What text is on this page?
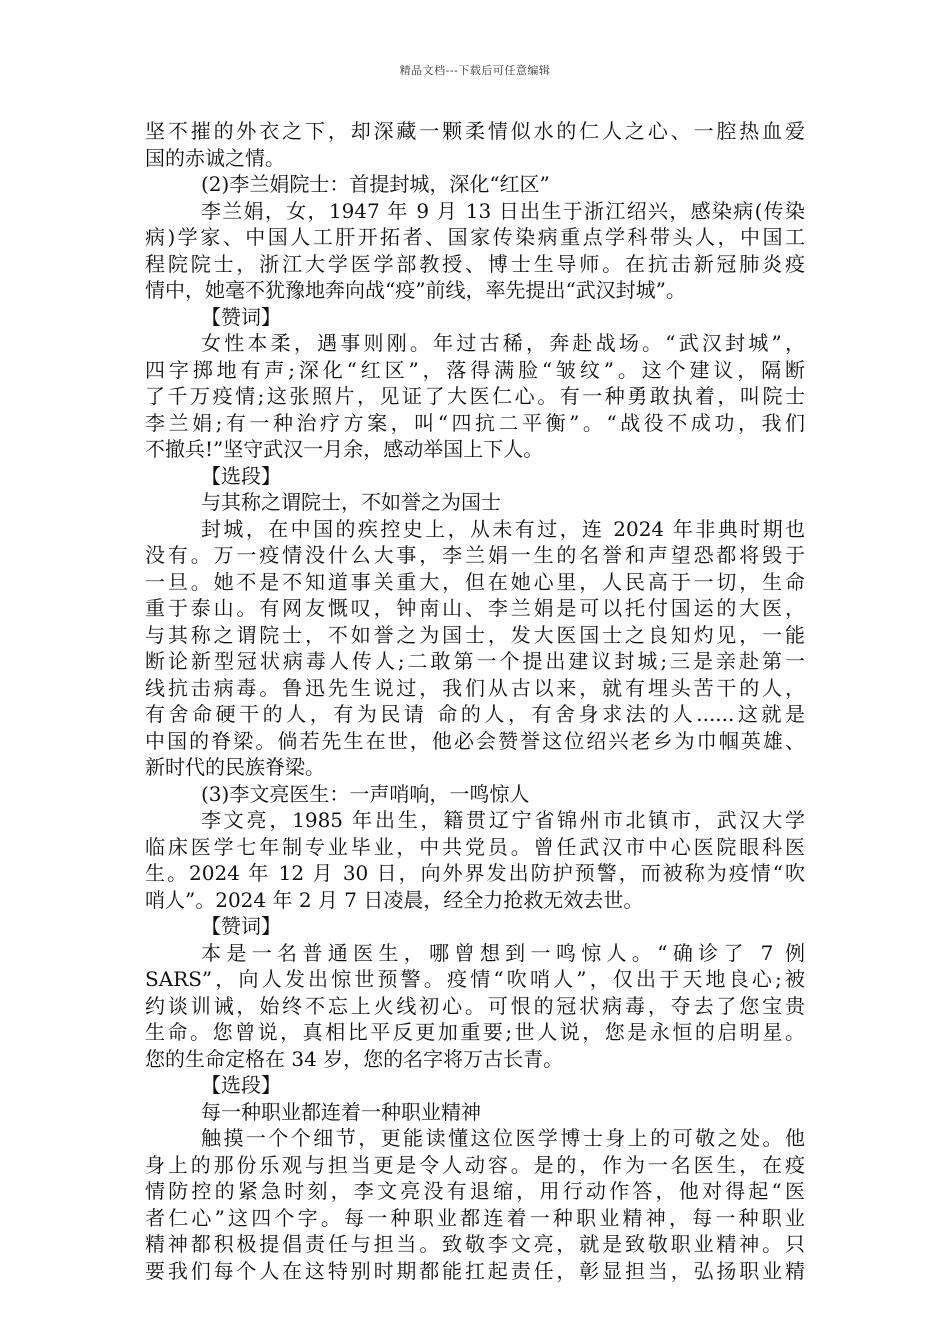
精品文档---下载后可任意编辑
坚不摧的外衣之下，却深藏一颗柔情似水的仁人之心、一腔热血爱
国的赤诚之情。
(2)李兰娟院士：首提封城，深化“红区”
李兰娟，女，1947 年 9 月 13 日出生于浙江绍兴，感染病(传染
病)学家、中国人工肝开拓者、国家传染病重点学科带头人，中国工
程院院士，浙江大学医学部教授、博士生导师。在抗击新冠肺炎疫
情中，她毫不犹豫地奔向战“疫”前线，率先提出“武汉封城”。
【赞词】
女性本柔，遇事则刚。年过古稀，奔赴战场。“武汉封城”，
四字掷地有声;深化“红区”，落得满脸“皱纹”。这个建议，隔断
了千万疫情;这张照片，见证了大医仁心。有一种勇敢执着，叫院士
李兰娟;有一种治疗方案，叫“四抗二平衡”。“战役不成功，我们
不撤兵!”坚守武汉一月余，感动举国上下人。
【选段】
与其称之谓院士，不如誉之为国士
封城，在中国的疾控史上，从未有过，连 2024 年非典时期也
没有。万一疫情没什么大事，李兰娟一生的名誉和声望恐都将毁于
一旦。她不是不知道事关重大，但在她心里，人民高于一切，生命
重于泰山。有网友慨叹，钟南山、李兰娟是可以托付国运的大医，
与其称之谓院士，不如誉之为国士，发大医国士之良知灼见，一能
断论新型冠状病毒人传人;二敢第一个提出建议封城;三是亲赴第一
线抗击病毒。鲁迅先生说过，我们从古以来，就有埋头苦干的人，
有舍命硬干的人，有为民请 命的人，有舍身求法的人......这就是
中国的脊梁。倘若先生在世，他必会赞誉这位绍兴老乡为巾帼英雄、
新时代的民族脊梁。
(3)李文亮医生：一声哨响，一鸣惊人
李文亮，1985 年出生，籍贯辽宁省锦州市北镇市，武汉大学
临床医学七年制专业毕业，中共党员。曾任武汉市中心医院眼科医
生。2024 年 12 月 30 日，向外界发出防护预警，而被称为疫情“吹
哨人”。2024 年 2 月 7 日凌晨，经全力抢救无效去世。
【赞词】
本是一名普通医生，哪曾想到一鸣惊人。“确诊了 7 例
SARS”，向人发出惊世预警。疫情“吹哨人”，仅出于天地良心;被
约谈训诫，始终不忘上火线初心。可恨的冠状病毒，夺去了您宝贵
生命。您曾说，真相比平反更加重要;世人说，您是永恒的启明星。
您的生命定格在 34 岁，您的名字将万古长青。
【选段】
每一种职业都连着一种职业精神
触摸一个个细节，更能读懂这位医学博士身上的可敬之处。他
身上的那份乐观与担当更是令人动容。是的，作为一名医生，在疫
情防控的紧急时刻，李文亮没有退缩，用行动作答，他对得起“医
者仁心”这四个字。每一种职业都连着一种职业精神，每一种职业
精神都积极提倡责任与担当。致敬李文亮，就是致敬职业精神。只
要我们每个人在这特别时期都能扛起责任，彰显担当，弘扬职业精
